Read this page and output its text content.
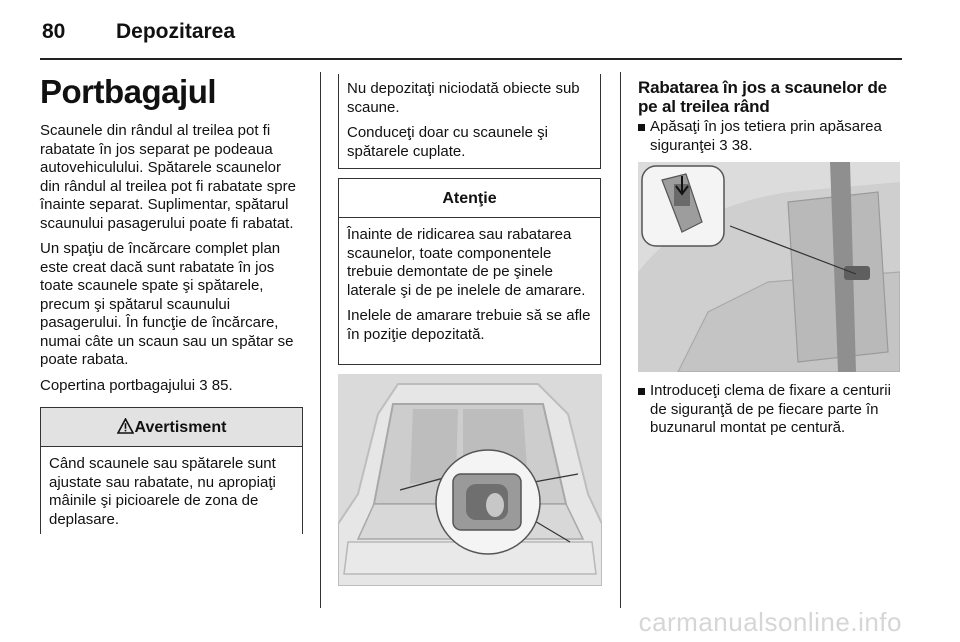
80 Depozitarea
Portbagajul

Scaunele din rândul al treilea pot fi rabatate în jos separat pe podeaua autovehiculului. Spătarele scaunelor din rândul al treilea pot fi rabatate spre înainte separat. Suplimentar, spătarul scaunului pasagerului poate fi rabatat.

Un spaţiu de încărcare complet plan este creat dacă sunt rabatate în jos toate scaunele spate şi spătarele, precum şi spătarul scaunului pasagerului. În funcţie de încărcare, numai câte un scaun sau un spătar se poate rabata.

Copertina portbagajului 3 85.

Avertisment

Când scaunele sau spătarele sunt ajustate sau rabatate, nu apropiaţi mâinile şi picioarele de zona de deplasare.

Nu depozitaţi niciodată obiecte sub scaune.

Conduceţi doar cu scaunele şi spătarele cuplate.

Atenţie

Înainte de ridicarea sau rabatarea scaunelor, toate componentele trebuie demontate de pe şinele laterale şi de pe inelele de amarare.

Inelele de amarare trebuie să se afle în poziţie depozitată.

Rabatarea în jos a scaunelor de pe al treilea rând
Apăsaţi în jos tetiera prin apăsarea siguranţei 3 38.
Introduceţi clema de fixare a centurii de siguranţă de pe fiecare parte în buzunarul montat pe centură.
carmanualsonline.info
